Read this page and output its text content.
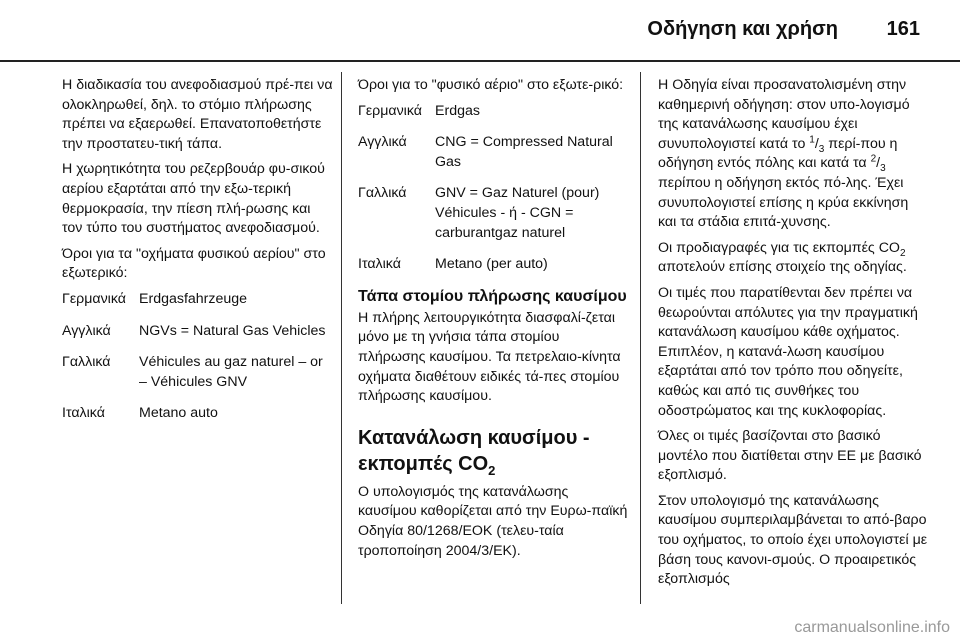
Οδήγηση και χρήση 161

Η διαδικασία του ανεφοδιασμού πρέ-πει να ολοκληρωθεί, δηλ. το στόμιο πλήρωσης πρέπει να εξαερωθεί. Επανατοποθετήστε την προστατευ-τική τάπα.

Η χωρητικότητα του ρεζερβουάρ φυ-σικού αερίου εξαρτάται από την εξω-τερική θερμοκρασία, την πίεση πλή-ρωσης και τον τύπο του συστήματος ανεφοδιασμού.

Όροι για τα "οχήματα φυσικού αερίου" στο εξωτερικό:

Γερμανικά Erdgasfahrzeuge
Αγγλικά	NGVs = Natural Gas Vehicles
Γαλλικά	Véhicules au gaz naturel – or – Véhicules GNV
Ιταλικά	Metano auto

Όροι για το "φυσικό αέριο" στο εξωτε-ρικό:

Γερμανικά Erdgas
Αγγλικά	CNG = Compressed Natural Gas
Γαλλικά	GNV = Gaz Naturel (pour) Véhicules - ή - CGN = carburantgaz naturel
Ιταλικά	Metano (per auto)
Τάπα στομίου πλήρωσης καυσίμου

Η πλήρης λειτουργικότητα διασφαλί-ζεται μόνο με τη γνήσια τάπα στομίου πλήρωσης καυσίμου. Τα πετρελαιο-κίνητα οχήματα διαθέτουν ειδικές τά-πες στομίου πλήρωσης καυσίμου.

Κατανάλωση καυσίμου - εκπομπές $CO_2$

Ο υπολογισμός της κατανάλωσης καυσίμου καθορίζεται από την Ευρω-παϊκή Οδηγία 80/1268/ΕΟΚ (τελευ-ταία τροποποίηση 2004/3/ΕΚ).

Η Οδηγία είναι προσανατολισμένη στην καθημερινή οδήγηση: στον υπο-λογισμό της κατανάλωσης καυσίμου έχει συνυπολογιστεί κατά το $^1/_3$ περί-που η οδήγηση εντός πόλης και κατά τα $^2/_3$ περίπου η οδήγηση εκτός πό-λης. Έχει συνυπολογιστεί επίσης η κρύα εκκίνηση και τα στάδια επιτά-χυνσης.

Οι προδιαγραφές για τις εκπομπές $CO_2$ αποτελούν επίσης στοιχείο της οδηγίας.

Οι τιμές που παρατίθενται δεν πρέπει να θεωρούνται απόλυτες για την πραγματική κατανάλωση καυσίμου κάθε οχήματος. Επιπλέον, η κατανά-λωση καυσίμου εξαρτάται από τον τρόπο που οδηγείτε, καθώς και από τις συνθήκες του οδοστρώματος και της κυκλοφορίας.

Όλες οι τιμές βασίζονται στο βασικό μοντέλο που διατίθεται στην ΕΕ με βασικό εξοπλισμό.

Στον υπολογισμό της κατανάλωσης καυσίμου συμπεριλαμβάνεται το από-βαρο του οχήματος, το οποίο έχει υπολογιστεί με βάση τους κανονι-σμούς. Ο προαιρετικός εξοπλισμός

carmanualsonline.info
